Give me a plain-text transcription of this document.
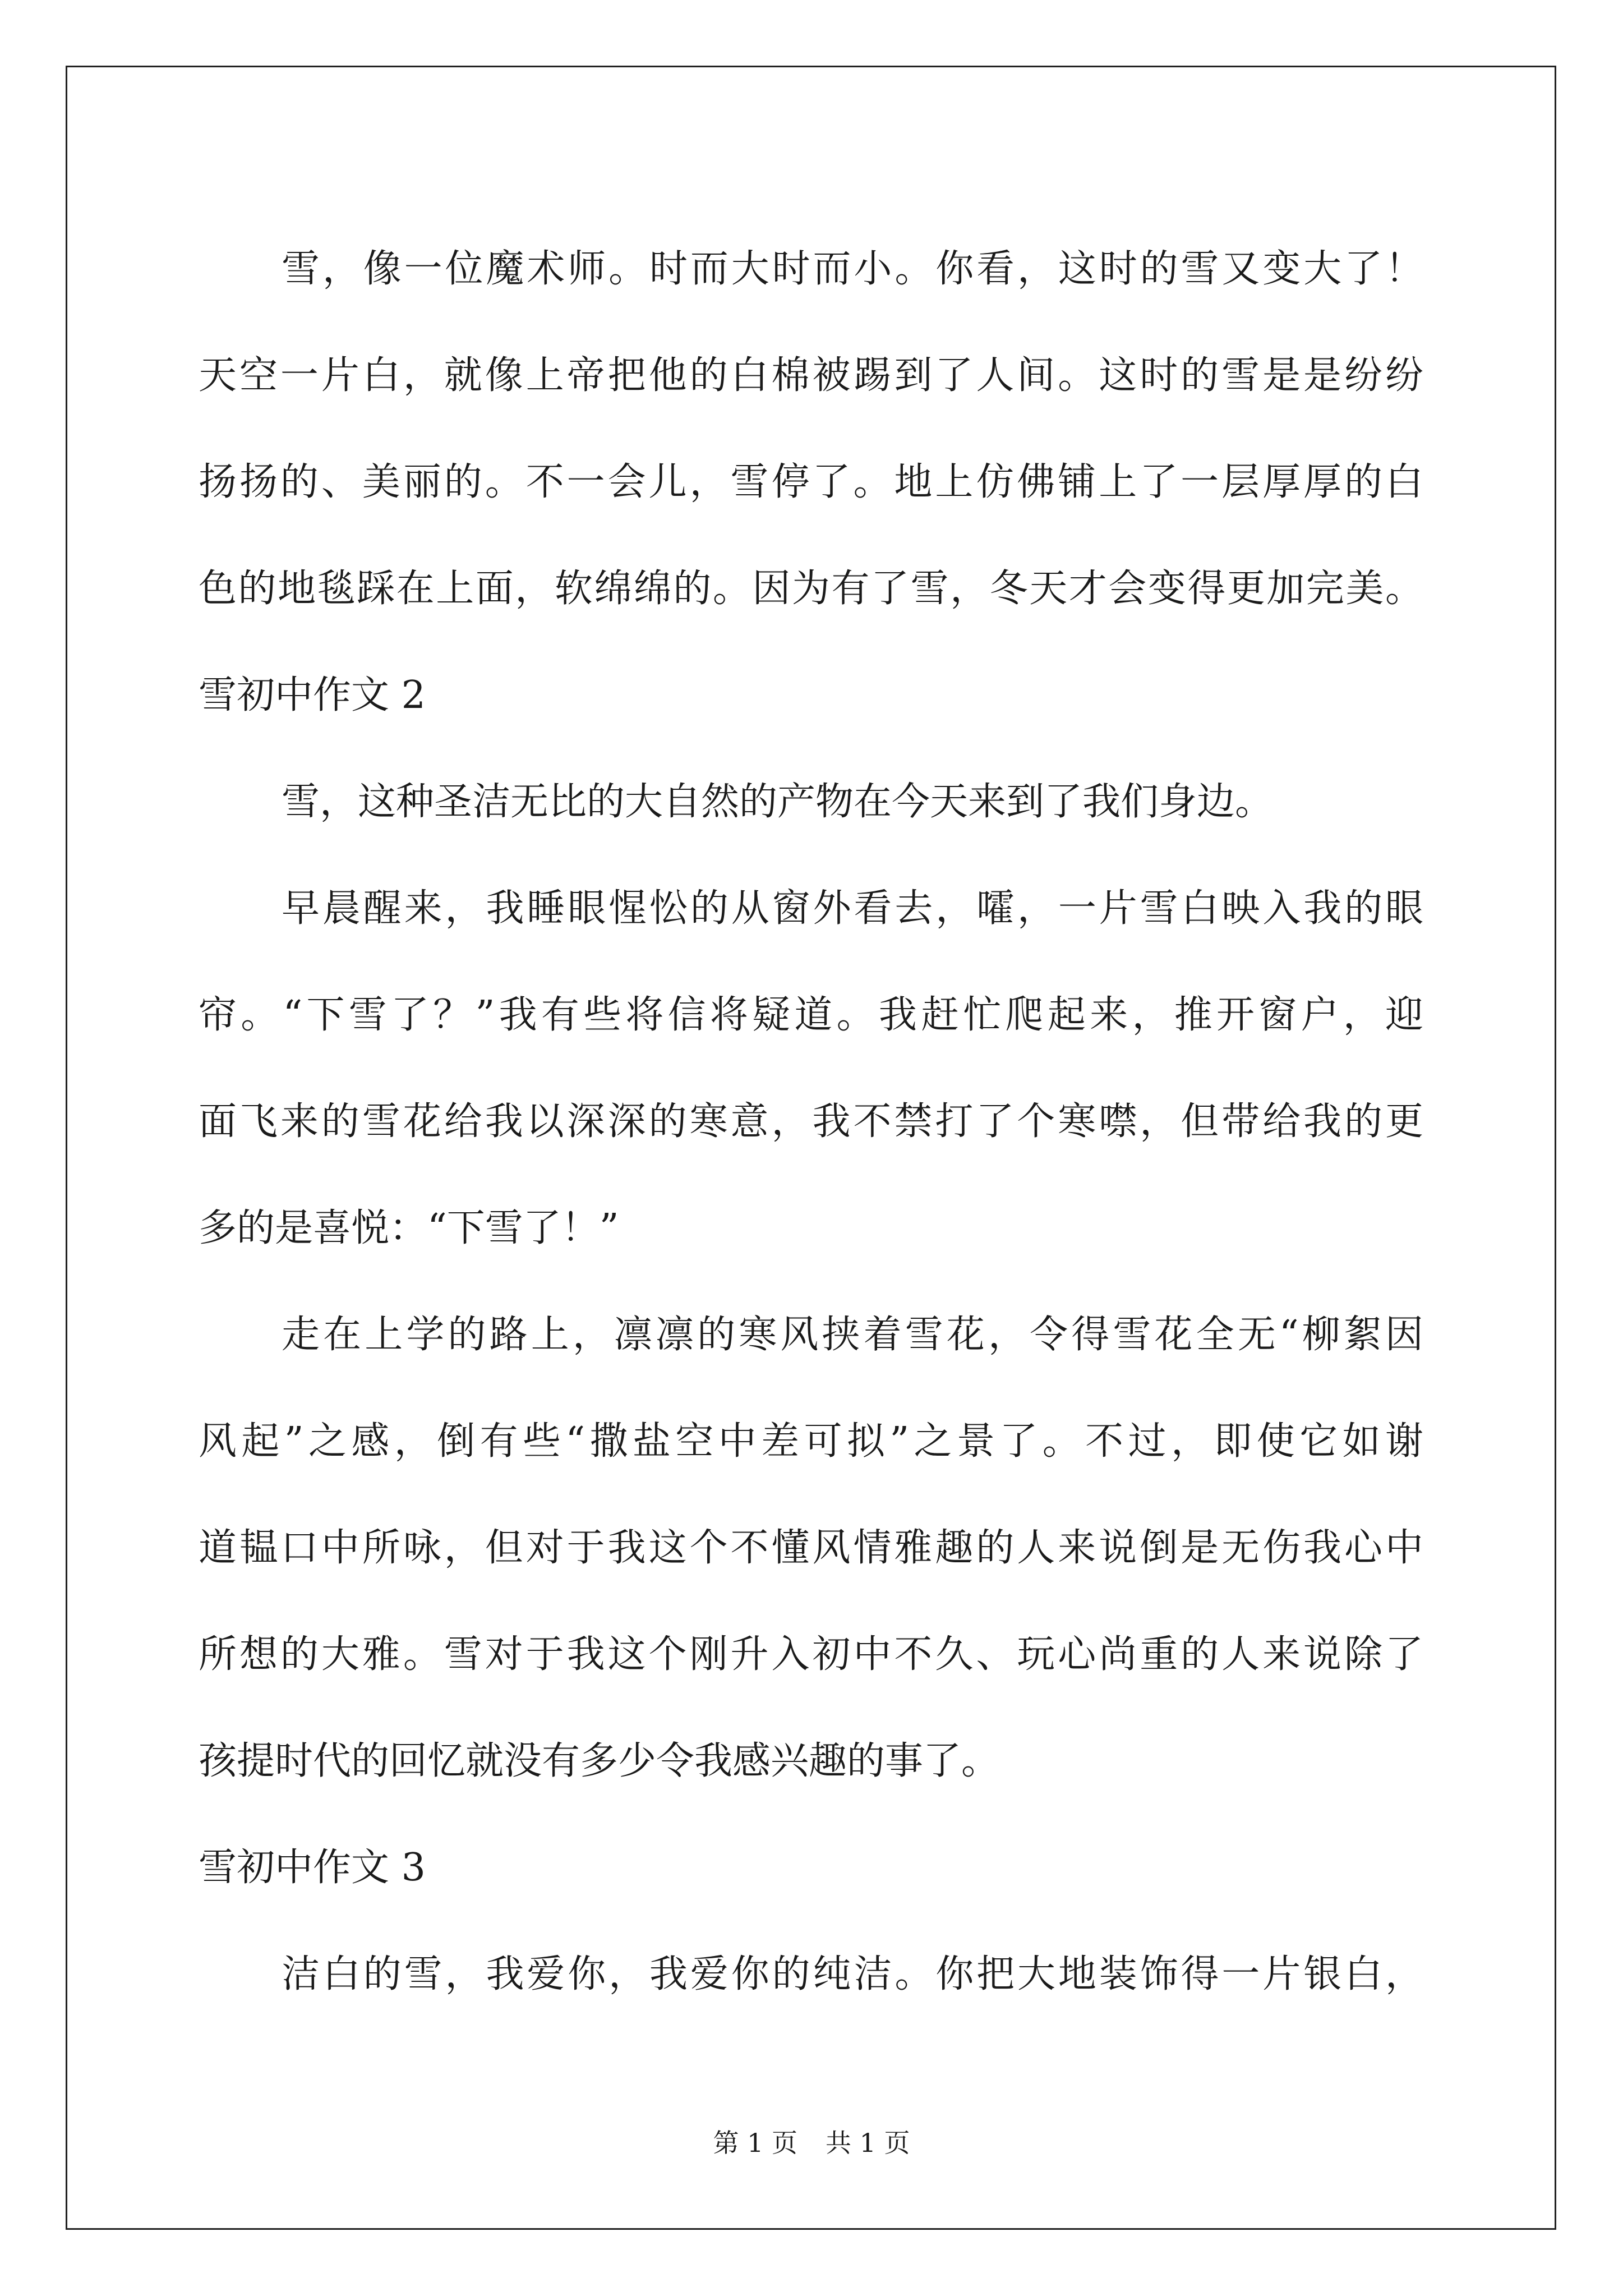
雪，像一位魔术师。时而大时而小。你看，这时的雪又变大了！
天空一片白，就像上帝把他的白棉被踢到了人间。这时的雪是是纷纷
扬扬的、美丽的。不一会儿，雪停了。地上仿佛铺上了一层厚厚的白
色的地毯踩在上面，软绵绵的。因为有了雪，冬天才会变得更加完美。
雪初中作文 2
雪，这种圣洁无比的大自然的产物在今天来到了我们身边。
早晨醒来，我睡眼惺忪的从窗外看去，嚯，一片雪白映入我的眼
帘。“下雪了？”我有些将信将疑道。我赶忙爬起来，推开窗户，迎
面飞来的雪花给我以深深的寒意，我不禁打了个寒噤，但带给我的更
多的是喜悦：“下雪了！”
走在上学的路上，凛凛的寒风挟着雪花，令得雪花全无“柳絮因
风起”之感，倒有些“撒盐空中差可拟”之景了。不过，即使它如谢
道韫口中所咏，但对于我这个不懂风情雅趣的人来说倒是无伤我心中
所想的大雅。雪对于我这个刚升入初中不久、玩心尚重的人来说除了
孩提时代的回忆就没有多少令我感兴趣的事了。
雪初中作文 3
洁白的雪，我爱你，我爱你的纯洁。你把大地装饰得一片银白，
第 1 页 共 1 页
